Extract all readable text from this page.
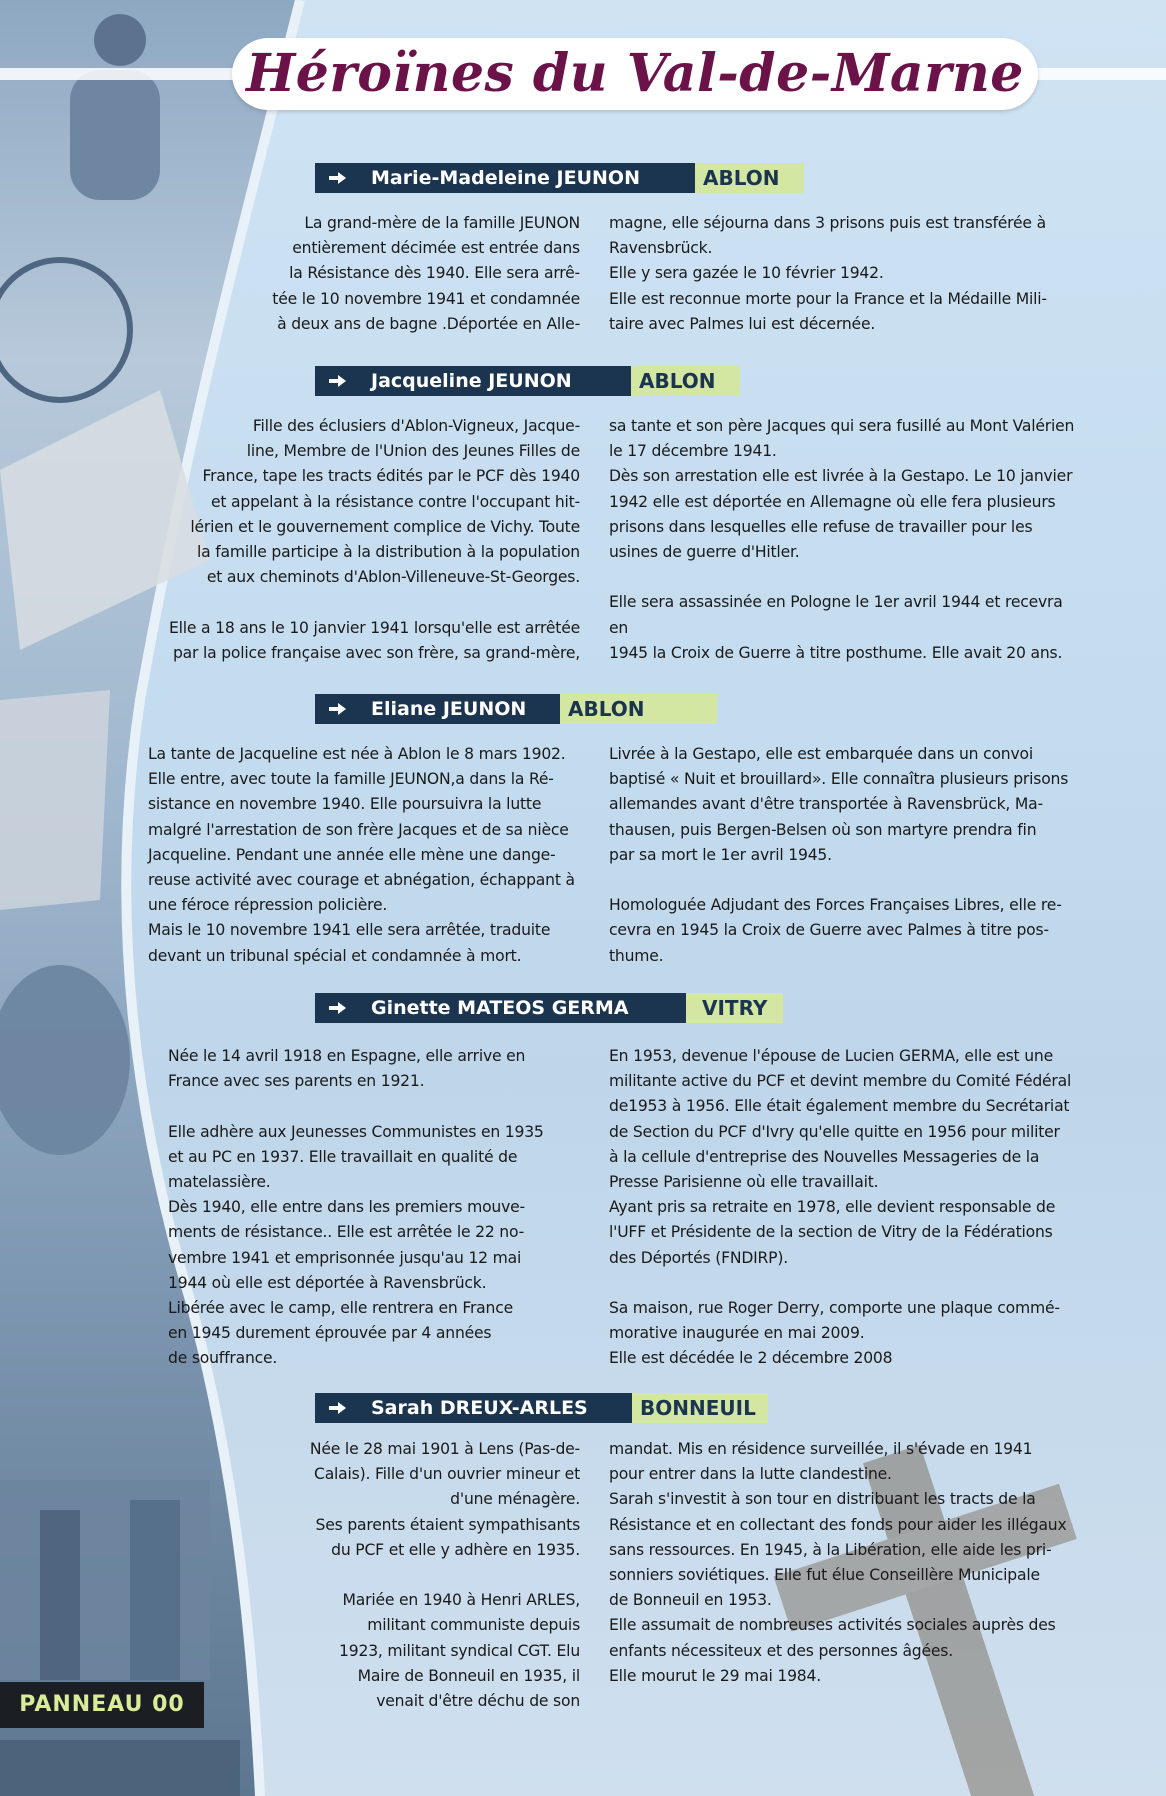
Héroïnes du Val-de-Marne
Marie-Madeleine JEUNON	ABLON

La grand-mère de la famille JEUNON
entièrement décimée est entrée dans
la Résistance dès 1940. Elle sera arrê-
tée le 10 novembre 1941 et condamnée
à deux ans de bagne .Déportée en Alle-

magne, elle séjourna dans 3 prisons puis est transférée à
Ravensbrück.
Elle y sera gazée le 10 février 1942.
Elle est reconnue morte pour la France et la Médaille Mili-
taire avec Palmes lui est décernée.

Jacqueline JEUNON	ABLON

Fille des éclusiers d'Ablon-Vigneux, Jacque-
line, Membre de l'Union des Jeunes Filles de
France, tape les tracts édités par le PCF dès 1940
et appelant à la résistance contre l'occupant hit-
lérien et le gouvernement complice de Vichy. Toute
la famille participe à la distribution à la population
et aux cheminots d'Ablon-Villeneuve-St-Georges.

Elle a 18 ans le 10 janvier 1941 lorsqu'elle est arrêtée
par la police française avec son frère, sa grand-mère,

sa tante et son père Jacques qui sera fusillé au Mont Valérien
le 17 décembre 1941.
Dès son arrestation elle est livrée à la Gestapo. Le 10 janvier
1942 elle est déportée en Allemagne où elle fera plusieurs
prisons dans lesquelles elle refuse de travailler pour les
usines de guerre d'Hitler.

Elle sera assassinée en Pologne le 1er avril 1944 et recevra en
1945 la Croix de Guerre à titre posthume. Elle avait 20 ans.

Eliane JEUNON	ABLON

La tante de Jacqueline est née à Ablon le 8 mars 1902.
Elle entre, avec toute la famille JEUNON,a dans la Ré-
sistance en novembre 1940. Elle poursuivra la lutte
malgré l'arrestation de son frère Jacques et de sa nièce
Jacqueline. Pendant une année elle mène une dange-
reuse activité avec courage et abnégation, échappant à
une féroce répression policière.
Mais le 10 novembre 1941 elle sera arrêtée, traduite
devant un tribunal spécial et condamnée à mort.

Livrée à la Gestapo, elle est embarquée dans un convoi
baptisé « Nuit et brouillard». Elle connaîtra plusieurs prisons
allemandes avant d'être transportée à Ravensbrück, Ma-
thausen, puis Bergen-Belsen où son martyre prendra fin
par sa mort le 1er avril 1945.

Homologuée Adjudant des Forces Françaises Libres, elle re-
cevra en 1945 la Croix de Guerre avec Palmes à titre pos-
thume.

Ginette MATEOS GERMA	VITRY

Née le 14 avril 1918 en Espagne, elle arrive en
France avec ses parents en 1921.

Elle adhère aux Jeunesses Communistes en 1935
et au PC en 1937. Elle travaillait en qualité de
matelassière.
Dès 1940, elle entre dans les premiers mouve-
ments de résistance.. Elle est arrêtée le 22 no-
vembre 1941 et emprisonnée jusqu'au 12 mai
1944 où elle est déportée à Ravensbrück.
Libérée avec le camp, elle rentrera en France
en 1945 durement éprouvée par 4 années
de souffrance.

En 1953, devenue l'épouse de Lucien GERMA, elle est une
militante active du PCF et devint membre du Comité Fédéral
de1953 à 1956. Elle était également membre du Secrétariat
de Section du PCF d'Ivry qu'elle quitte en 1956 pour militer
à la cellule d'entreprise des Nouvelles Messageries de la
Presse Parisienne où elle travaillait.
Ayant pris sa retraite en 1978, elle devient responsable de
l'UFF et Présidente de la section de Vitry de la Fédérations
des Déportés (FNDIRP).

Sa maison, rue Roger Derry, comporte une plaque commé-
morative inaugurée en mai 2009.
Elle est décédée le 2 décembre 2008

Sarah DREUX-ARLES	BONNEUIL

Née le 28 mai 1901 à Lens (Pas-de-
Calais). Fille d'un ouvrier mineur et
d'une ménagère.
Ses parents étaient sympathisants
du PCF et elle y adhère en 1935.

Mariée en 1940 à Henri ARLES,
militant communiste depuis
1923, militant syndical CGT. Elu
Maire de Bonneuil en 1935, il
venait d'être déchu de son

mandat. Mis en résidence surveillée, il s'évade en 1941
pour entrer dans la lutte clandestine.
Sarah s'investit à son tour en distribuant les tracts de la
Résistance et en collectant des fonds pour aider les illégaux
sans ressources. En 1945, à la Libération, elle aide les pri-
sonniers soviétiques. Elle fut élue Conseillère Municipale
de Bonneuil en 1953.
Elle assumait de nombreuses activités sociales auprès des
enfants nécessiteux et des personnes âgées.
Elle mourut le 29 mai 1984.

PANNEAU 00
